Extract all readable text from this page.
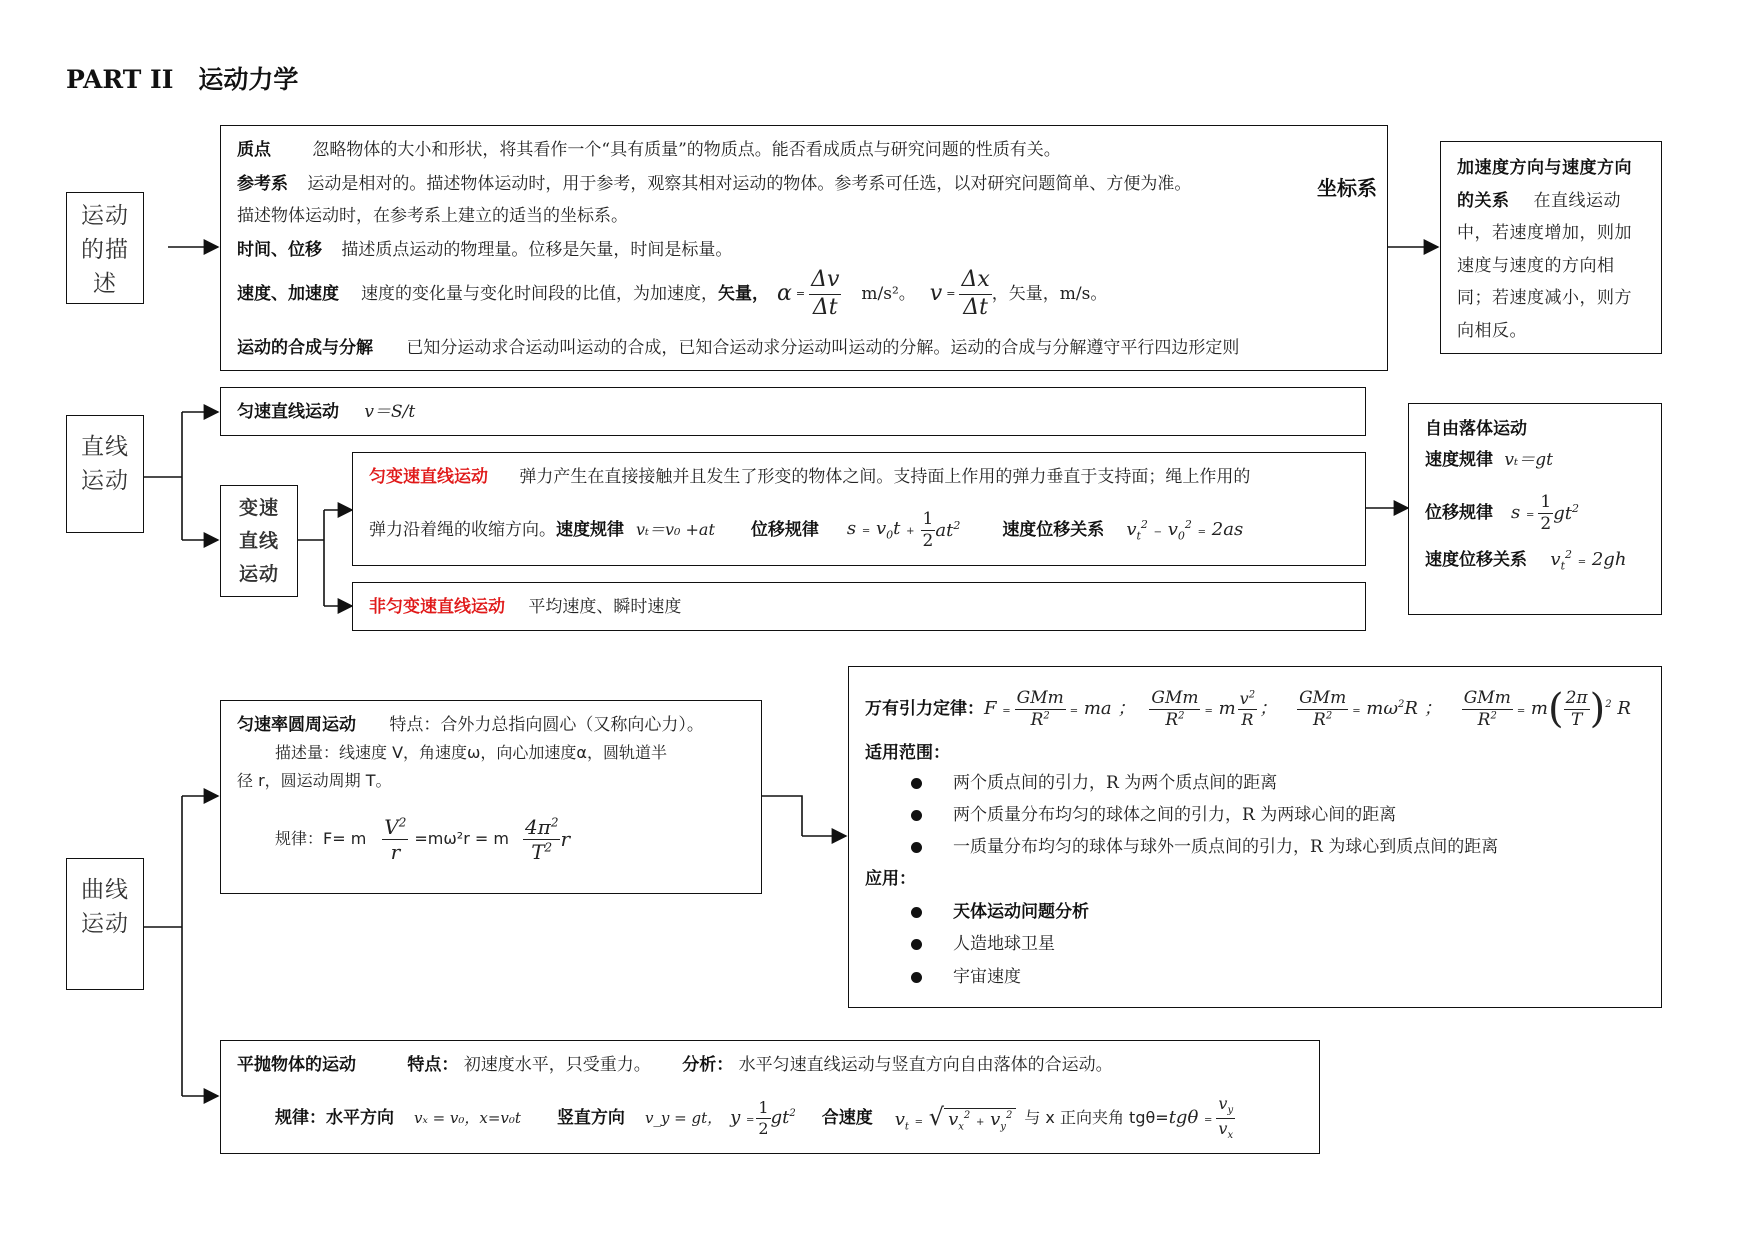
PART II　运动力学
运动的描述
直线运动
变速直线运动
曲线运动
质点 忽略物体的大小和形状，将其看作一个“具有质量”的物质点。能否看成质点与研究问题的性质有关。
参考系 运动是相对的。描述物体运动时，用于参考，观察其相对运动的物体。参考系可任选，以对研究问题简单、方便为准。	坐标系
描述物体运动时，在参考系上建立的适当的坐标系。
时间、位移 描述质点运动的物理量。位移是矢量，时间是标量。
速度、加速度 速度的变化量与变化时间段的比值，为加速度， 矢量， $\alpha = \frac{\Delta v}{\Delta t} m/s^2$。 $v = \frac{\Delta x}{\Delta t}$ ，矢量，m/s。
运动的合成与分解 已知分运动求合运动叫运动的合成，已知合运动求分运动叫运动的分解。运动的合成与分解遵守平行四边形定则
加速度方向与速度方向的关系 在直线运动中，若速度增加，则加速度与速度的方向相同；若速度减小，则方向相反。
匀速直线运动 v＝S/t
匀变速直线运动 弹力产生在直接接触并且发生了形变的物体之间。支持面上作用的弹力垂直于支持面；绳上作用的
弹力沿着绳的收缩方向。 速度规律 vₜ＝v₀ +at 位移规律 $s = v_0t + \frac{1}{2} at^2$ 速度位移关系 $v_t^2 - v_0^2 = 2as$
非匀变速直线运动 平均速度、瞬时速度
自由落体运动
速度规律 vₜ＝gt
位移规律 $s = \frac{1}{2} gt^2$
速度位移关系 $v_t^2 = 2gh$
匀速率圆周运动 特点：合外力总指向圆心（又称向心力）。
描述量：线速度 V，角速度ω，向心加速度α，圆轨道半
径 r，圆运动周期 T。
规律：F= m $\frac{V^2}{r} =m\omega^2r = m \frac{4\pi^2}{T^2}$ r
万有引力定律： $F = \frac{\text{GMm}}{R^2}$ = ma ； $\frac{\text{GMm}}{R^2} = m \frac{v^2}{R}$ ； $\frac{\text{GMm}}{R^2} = m\omega^2R$ ； $\frac{\text{GMm}}{R^2} = m( \frac{2\pi}{T} )^2$ R
适用范围：
两个质点间的引力，R 为两个质点间的距离
两个质量分布均匀的球体之间的引力，R 为两球心间的距离
一质量分布均匀的球体与球外一质点间的引力，R 为球心到质点间的距离
应用：
天体运动问题分析
人造地球卫星
宇宙速度
平抛物体的运动	特点： 初速度水平，只受重力。 分析： 水平匀速直线运动与竖直方向自由落体的合运动。
规律：水平方向 vₓ = v₀，x=v₀t 竖直方向 v_y = gt， $y = \frac{1}{2} gt^2$ 合速度 $v_t$ = √ $v_x^2 + v_y^2$ 与 x 正向夹角 $tg\theta= tg\theta = \frac{v_y}{v_x}$
